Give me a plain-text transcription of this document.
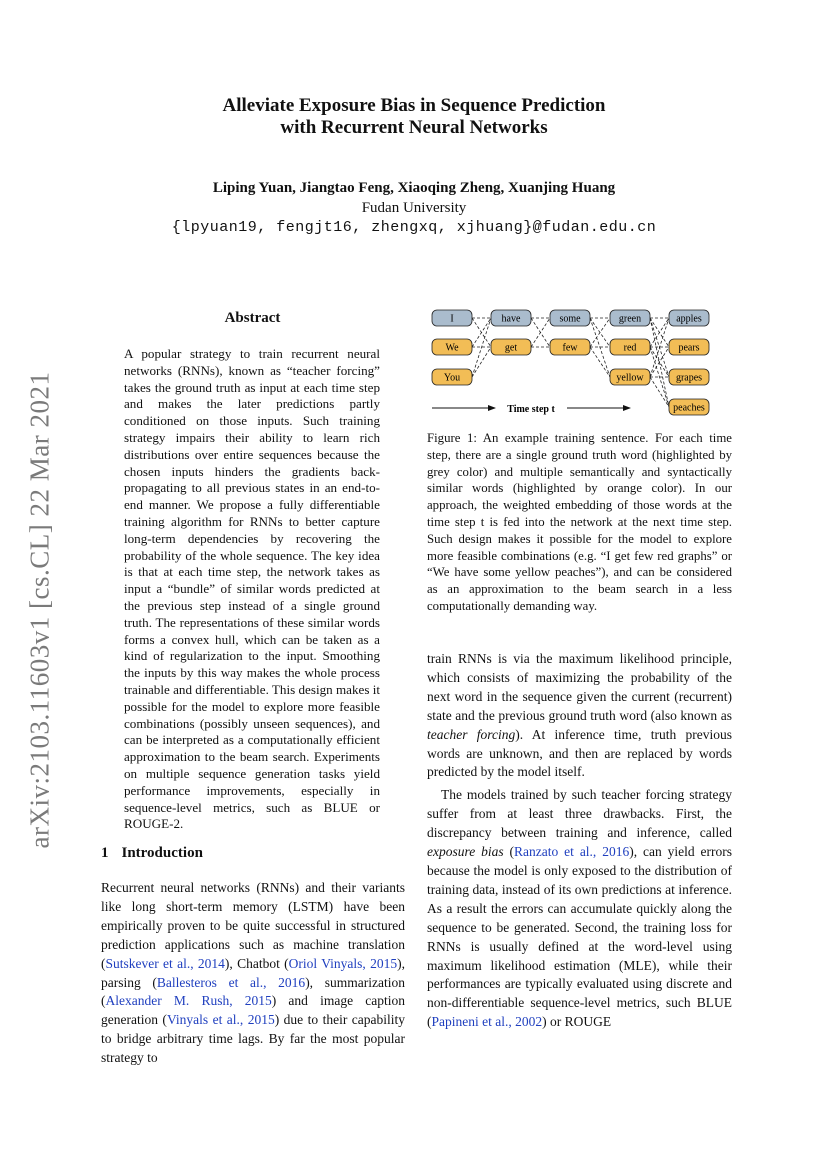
arXiv:2103.11603v1 [cs.CL] 22 Mar 2021
Alleviate Exposure Bias in Sequence Prediction
with Recurrent Neural Networks
Liping Yuan, Jiangtao Feng, Xiaoqing Zheng, Xuanjing Huang
Fudan University
{lpyuan19, fengjt16, zhengxq, xjhuang}@fudan.edu.cn
Abstract
A popular strategy to train recurrent neural networks (RNNs), known as “teacher forcing” takes the ground truth as input at each time step and makes the later predictions partly conditioned on those inputs. Such training strategy impairs their ability to learn rich distributions over entire sequences because the chosen inputs hinders the gradients back-propagating to all previous states in an end-to-end manner. We propose a fully differentiable training algorithm for RNNs to better capture long-term dependencies by recovering the probability of the whole sequence. The key idea is that at each time step, the network takes as input a “bundle” of similar words predicted at the previous step instead of a single ground truth. The representations of these similar words forms a convex hull, which can be taken as a kind of regularization to the input. Smoothing the inputs by this way makes the whole process trainable and differentiable. This design makes it possible for the model to explore more feasible combinations (possibly unseen sequences), and can be interpreted as a computationally efficient approximation to the beam search. Experiments on multiple sequence generation tasks yield performance improvements, especially in sequence-level metrics, such as BLUE or ROUGE-2.
1 Introduction
Recurrent neural networks (RNNs) and their variants like long short-term memory (LSTM) have been empirically proven to be quite successful in structured prediction applications such as machine translation (Sutskever et al., 2014), Chatbot (Oriol Vinyals, 2015), parsing (Ballesteros et al., 2016), summarization (Alexander M. Rush, 2015) and image caption generation (Vinyals et al., 2015) due to their capability to bridge arbitrary time lags. By far the most popular strategy to
I	have	some	green	apples
We	get	few	red	pears
You	yellow	grapes
peaches
Time step t
Figure 1: An example training sentence. For each time step, there are a single ground truth word (highlighted by grey color) and multiple semantically and syntactically similar words (highlighted by orange color). In our approach, the weighted embedding of those words at the time step t is fed into the network at the next time step. Such design makes it possible for the model to explore more feasible combinations (e.g. “I get few red graphs” or “We have some yellow peaches”), and can be considered as an approximation to the beam search in a less computationally demanding way.

train RNNs is via the maximum likelihood principle, which consists of maximizing the probability of the next word in the sequence given the current (recurrent) state and the previous ground truth word (also known as teacher forcing). At inference time, truth previous words are unknown, and then are replaced by words predicted by the model itself.

The models trained by such teacher forcing strategy suffer from at least three drawbacks. First, the discrepancy between training and inference, called exposure bias (Ranzato et al., 2016), can yield errors because the model is only exposed to the distribution of training data, instead of its own predictions at inference. As a result the errors can accumulate quickly along the sequence to be generated. Second, the training loss for RNNs is usually defined at the word-level using maximum likelihood estimation (MLE), while their performances are typically evaluated using discrete and non-differentiable sequence-level metrics, such BLUE (Papineni et al., 2002) or ROUGE
